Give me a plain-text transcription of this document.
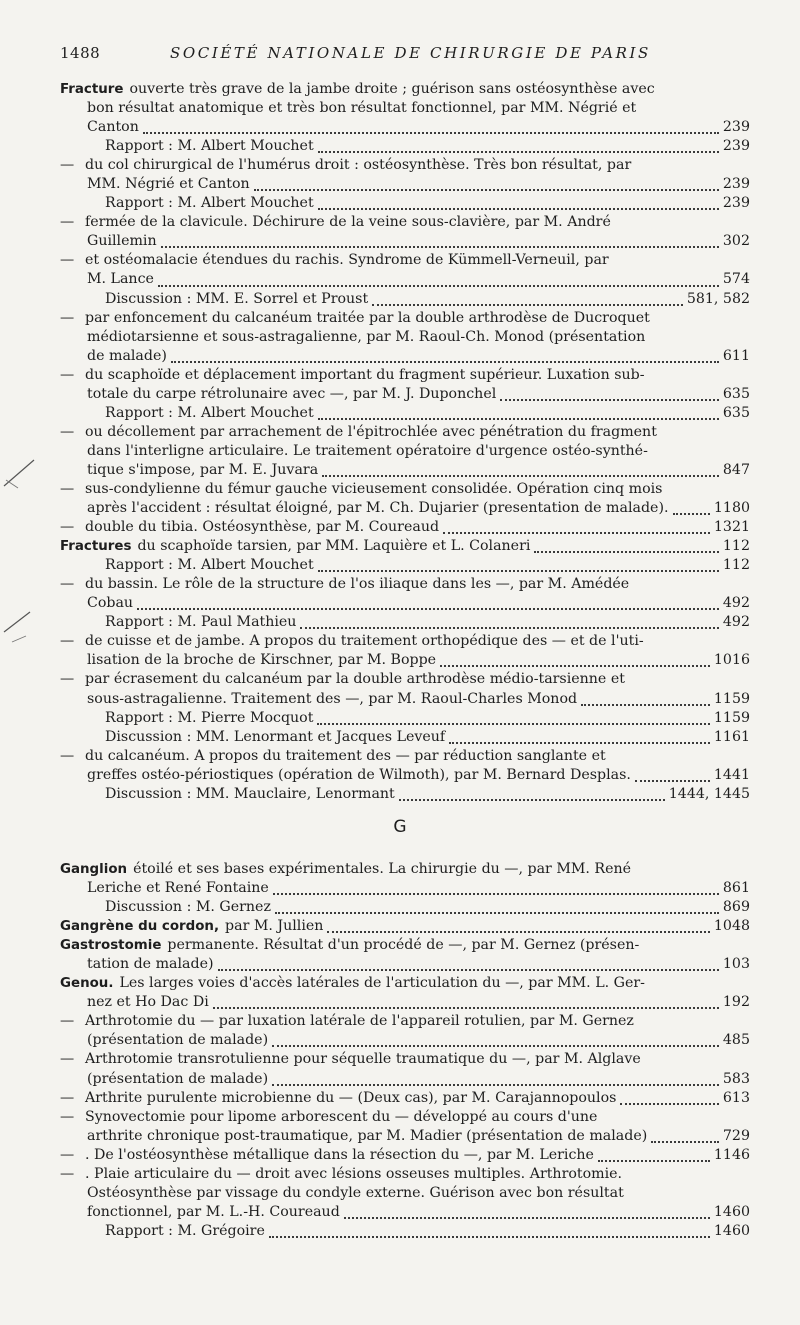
1488	SOCIÉTÉ NATIONALE DE CHIRURGIE DE PARIS
Fracture ouverte très grave de la jambe droite ; guérison sans ostéosynthèse avec
bon résultat anatomique et très bon résultat fonctionnel, par MM. Négrié et
Canton	239
Rapport : M. Albert Mouchet	239
— du col chirurgical de l'humérus droit : ostéosynthèse. Très bon résultat, par
MM. Négrié et Canton	239
Rapport : M. Albert Mouchet	239
— fermée de la clavicule. Déchirure de la veine sous-clavière, par M. André
Guillemin	302
— et ostéomalacie étendues du rachis. Syndrome de Kümmell-Verneuil, par
M. Lance	574
Discussion : MM. E. Sorrel et Proust	581, 582
— par enfoncement du calcanéum traitée par la double arthrodèse de Ducroquet
médiotarsienne et sous-astragalienne, par M. Raoul-Ch. Monod (présentation
de malade)	611
— du scaphoïde et déplacement important du fragment supérieur. Luxation sub-
totale du carpe rétrolunaire avec —, par M. J. Duponchel	635
Rapport : M. Albert Mouchet	635
— ou décollement par arrachement de l'épitrochlée avec pénétration du fragment
dans l'interligne articulaire. Le traitement opératoire d'urgence ostéo-synthé-
tique s'impose, par M. E. Juvara	847
— sus-condylienne du fémur gauche vicieusement consolidée. Opération cinq mois
après l'accident : résultat éloigné, par M. Ch. Dujarier (presentation de malade).	1180
— double du tibia. Ostéosynthèse, par M. Coureaud	1321
Fractures du scaphoïde tarsien, par MM. Laquière et L. Colaneri	112
Rapport : M. Albert Mouchet	112
— du bassin. Le rôle de la structure de l'os iliaque dans les —, par M. Amédée
Cobau	492
Rapport : M. Paul Mathieu	492
— de cuisse et de jambe. A propos du traitement orthopédique des — et de l'uti-
lisation de la broche de Kirschner, par M. Boppe	1016
— par écrasement du calcanéum par la double arthrodèse médio-tarsienne et
sous-astragalienne. Traitement des —, par M. Raoul-Charles Monod	1159
Rapport : M. Pierre Mocquot	1159
Discussion : MM. Lenormant et Jacques Leveuf	1161
— du calcanéum. A propos du traitement des — par réduction sanglante et
greffes ostéo-périostiques (opération de Wilmoth), par M. Bernard Desplas.	1441
Discussion : MM. Mauclaire, Lenormant	1444, 1445
G
Ganglion étoilé et ses bases expérimentales. La chirurgie du —, par MM. René
Leriche et René Fontaine	861
Discussion : M. Gernez	869
Gangrène du cordon, par M. Jullien	1048
Gastrostomie permanente. Résultat d'un procédé de —, par M. Gernez (présen-
tation de malade)	103
Genou. Les larges voies d'accès latérales de l'articulation du —, par MM. L. Ger-
nez et Ho Dac Di	192
— Arthrotomie du — par luxation latérale de l'appareil rotulien, par M. Gernez
(présentation de malade)	485
— Arthrotomie transrotulienne pour séquelle traumatique du —, par M. Alglave
(présentation de malade)	583
— Arthrite purulente microbienne du — (Deux cas), par M. Carajannopoulos	613
— Synovectomie pour lipome arborescent du — développé au cours d'une
arthrite chronique post-traumatique, par M. Madier (présentation de malade)	729
— . De l'ostéosynthèse métallique dans la résection du —, par M. Leriche	1146
— . Plaie articulaire du — droit avec lésions osseuses multiples. Arthrotomie.
Ostéosynthèse par vissage du condyle externe. Guérison avec bon résultat
fonctionnel, par M. L.-H. Coureaud	1460
Rapport : M. Grégoire	1460
